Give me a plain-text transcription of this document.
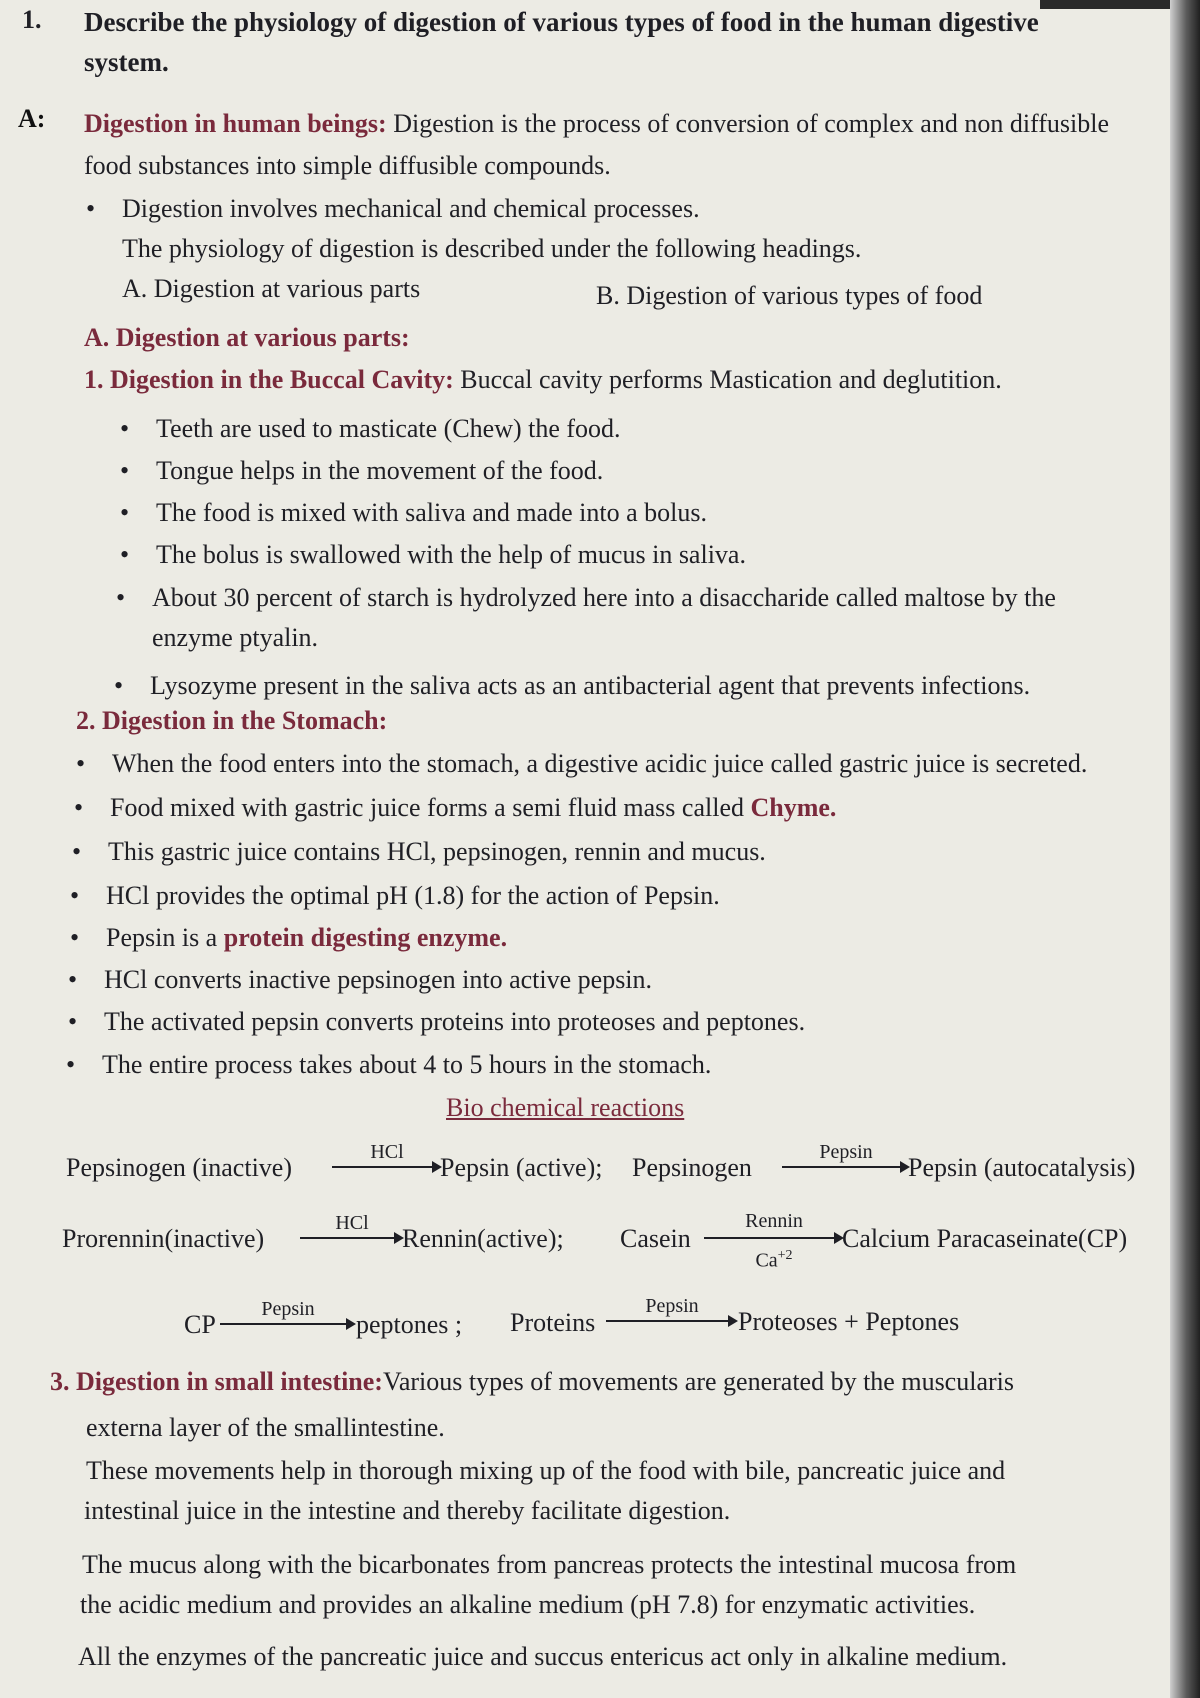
1. Describe the physiology of digestion of various types of food in the human digestive
system.
A: Digestion in human beings: Digestion is the process of conversion of complex and non diffusible
food substances into simple diffusible compounds.
• Digestion involves mechanical and chemical processes.
The physiology of digestion is described under the following headings.
A. Digestion at various parts	B. Digestion of various types of food
A. Digestion at various parts:
1. Digestion in the Buccal Cavity: Buccal cavity performs Mastication and deglutition.
• Teeth are used to masticate (Chew) the food.
• Tongue helps in the movement of the food.
• The food is mixed with saliva and made into a bolus.
• The bolus is swallowed with the help of mucus in saliva.
• About 30 percent of starch is hydrolyzed here into a disaccharide called maltose by the
enzyme ptyalin.
• Lysozyme present in the saliva acts as an antibacterial agent that prevents infections.
2. Digestion in the Stomach:
• When the food enters into the stomach, a digestive acidic juice called gastric juice is secreted.
• Food mixed with gastric juice forms a semi fluid mass called Chyme.
• This gastric juice contains HCl, pepsinogen, rennin and mucus.
• HCl provides the optimal pH (1.8) for the action of Pepsin.
• Pepsin is a protein digesting enzyme.
• HCl converts inactive pepsinogen into active pepsin.
• The activated pepsin converts proteins into proteoses and peptones.
• The entire process takes about 4 to 5 hours in the stomach.
Bio chemical reactions
Pepsinogen (inactive)
HCl
Pepsin (active); Pepsinogen
Pepsin
Pepsin (autocatalysis)
Prorennin(inactive)
HCl
Rennin(active); Casein
Rennin
$Ca^{+2}$
Calcium Paracaseinate(CP)
CP
Pepsin
peptones ; Proteins
Pepsin
Proteoses + Peptones
3. Digestion in small intestine:Various types of movements are generated by the muscularis
externa layer of the smallintestine.
These movements help in thorough mixing up of the food with bile, pancreatic juice and
intestinal juice in the intestine and thereby facilitate digestion.
The mucus along with the bicarbonates from pancreas protects the intestinal mucosa from
the acidic medium and provides an alkaline medium (pH 7.8) for enzymatic activities.
All the enzymes of the pancreatic juice and succus entericus act only in alkaline medium.
